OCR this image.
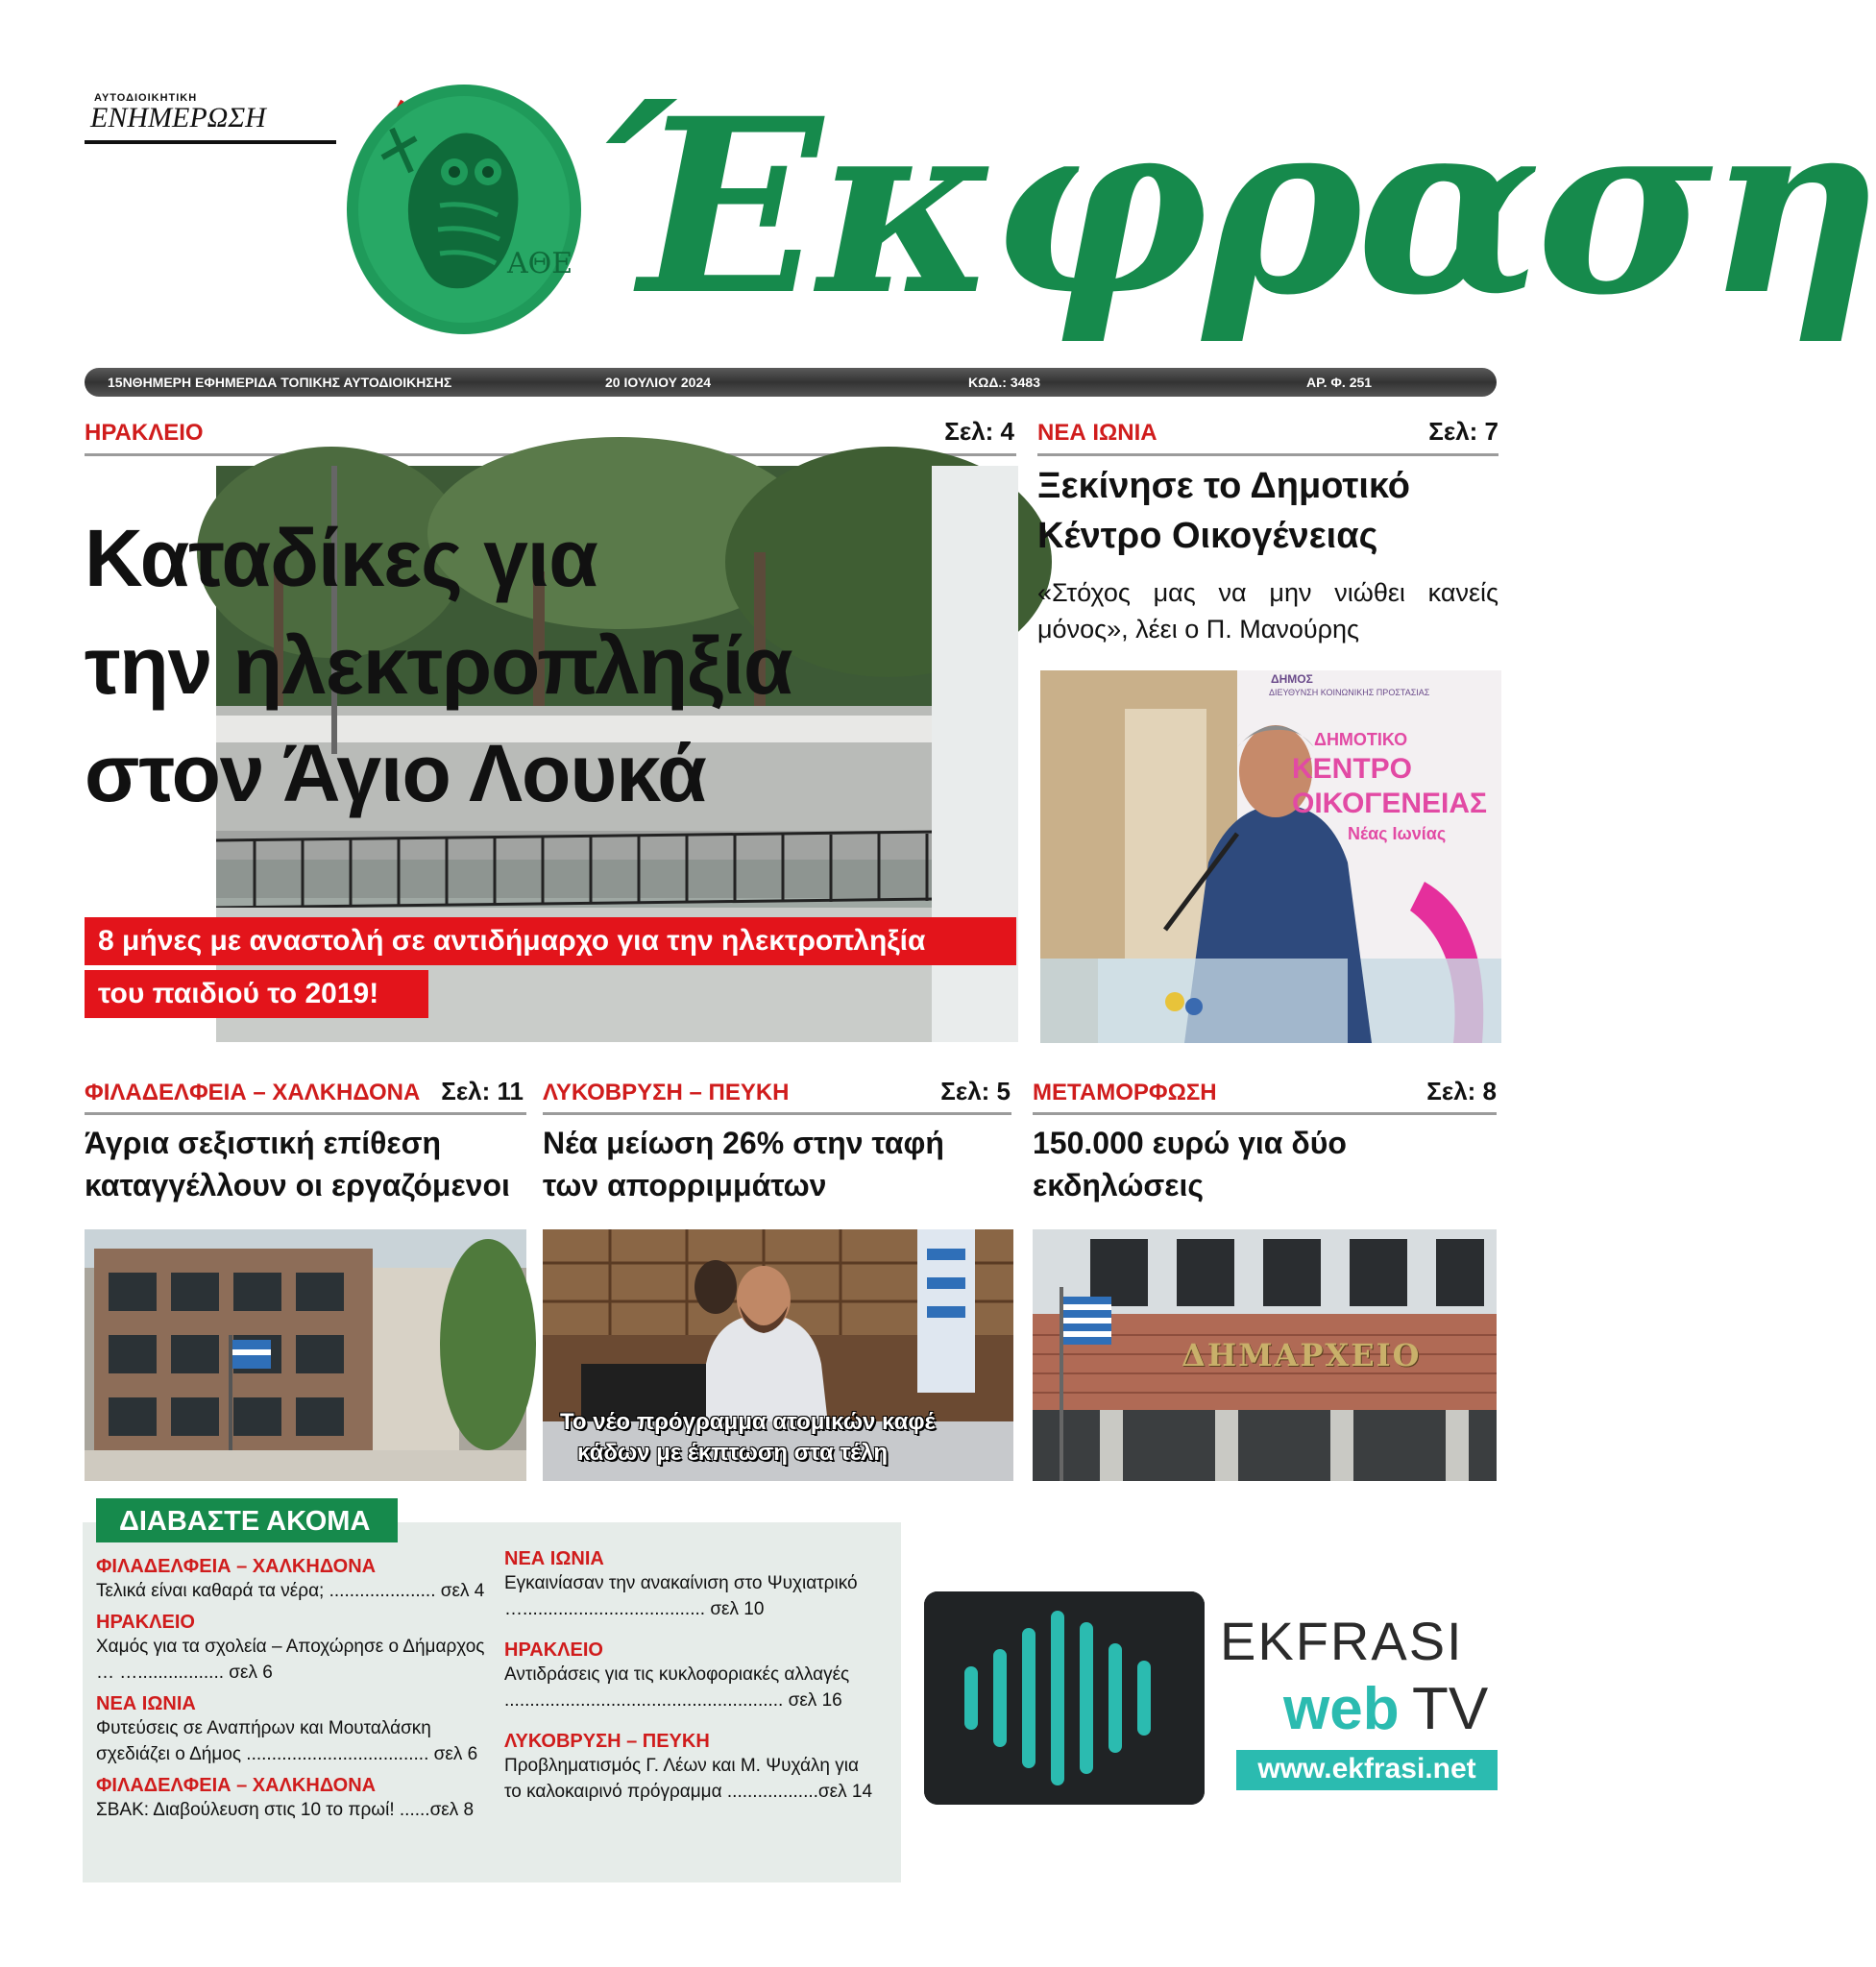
ΑΥΤΟΔΙΟΙΚΗΤΙΚΗ
ΕΝΗΜΕΡΩΣΗ
ΑΘΕ Έκφραση
15ΝΘΗΜΕΡΗ ΕΦΗΜΕΡΙΔΑ ΤΟΠΙΚΗΣ ΑΥΤΟΔΙΟΙΚΗΣΗΣ	20 ΙΟΥΛΙΟΥ 2024	ΚΩΔ.: 3483	ΑΡ. Φ. 251
ΗΡΑΚΛΕΙΟ	Σελ: 4
Καταδίκες για
την ηλεκτροπληξία
στον Άγιο Λουκά
8 μήνες με αναστολή σε αντιδήμαρχο για την ηλεκτροπληξία
του παιδιού το 2019!
ΝΕΑ ΙΩΝΙΑ	Σελ: 7
Ξεκίνησε το Δημοτικό
Κέντρο Οικογένειας
«Στόχος μας να μην νιώθει κανείς μόνος», λέει ο Π. Μανούρης
ΔΗΜΟΣ
ΔΙΕΥΘΥΝΣΗ ΚΟΙΝΩΝΙΚΗΣ ΠΡΟΣΤΑΣΙΑΣ
ΔΗΜΟΤΙΚΟ
ΚΕΝΤΡΟ
ΟΙΚΟΓΕΝΕΙΑΣ
Νέας Ιωνίας
ΦΙΛΑΔΕΛΦΕΙΑ – ΧΑΛΚΗΔΟΝΑ Σελ: 11
Άγρια σεξιστική επίθεση
καταγγέλλουν οι εργαζόμενοι
ΛΥΚΟΒΡΥΣΗ – ΠΕΥΚΗ	Σελ: 5
Νέα μείωση 26% στην ταφή
των απορριμμάτων
Το νέο πρόγραμμα ατομικών καφέ
κάδων με έκπτωση στα τέλη
ΜΕΤΑΜΟΡΦΩΣΗ	Σελ: 8
150.000 ευρώ για δύο
εκδηλώσεις
ΔΗΜΑΡΧΕΙΟ
ΔΙΑΒΑΣΤΕ ΑΚΟΜΑ
ΦΙΛΑΔΕΛΦΕΙΑ – ΧΑΛΚΗΔΟΝΑ
Τελικά είναι καθαρά τα νέρα; ..................... σελ 4
ΗΡΑΚΛΕΙΟ
Χαμός για τα σχολεία – Αποχώρησε ο Δήμαρχος … …................. σελ 6
ΝΕΑ ΙΩΝΙΑ
Φυτεύσεις σε Αναπήρων και Μουταλάσκη σχεδιάζει ο Δήμος .................................... σελ 6
ΦΙΛΑΔΕΛΦΕΙΑ – ΧΑΛΚΗΔΟΝΑ
ΣΒΑΚ: Διαβούλευση στις 10 το πρωί! ......σελ 8
ΝΕΑ ΙΩΝΙΑ
Εγκαινίασαν την ανακαίνιση στο Ψυχιατρικό ….................................... σελ 10
ΗΡΑΚΛΕΙΟ
Αντιδράσεις για τις κυκλοφοριακές αλλαγές ....................................................... σελ 16
ΛΥΚΟΒΡΥΣΗ – ΠΕΥΚΗ
Προβληματισμός Γ. Λέων και Μ. Ψυχάλη για το καλοκαιρινό πρόγραμμα ..................σελ 14
EKFRASI
web TV
www.ekfrasi.net
